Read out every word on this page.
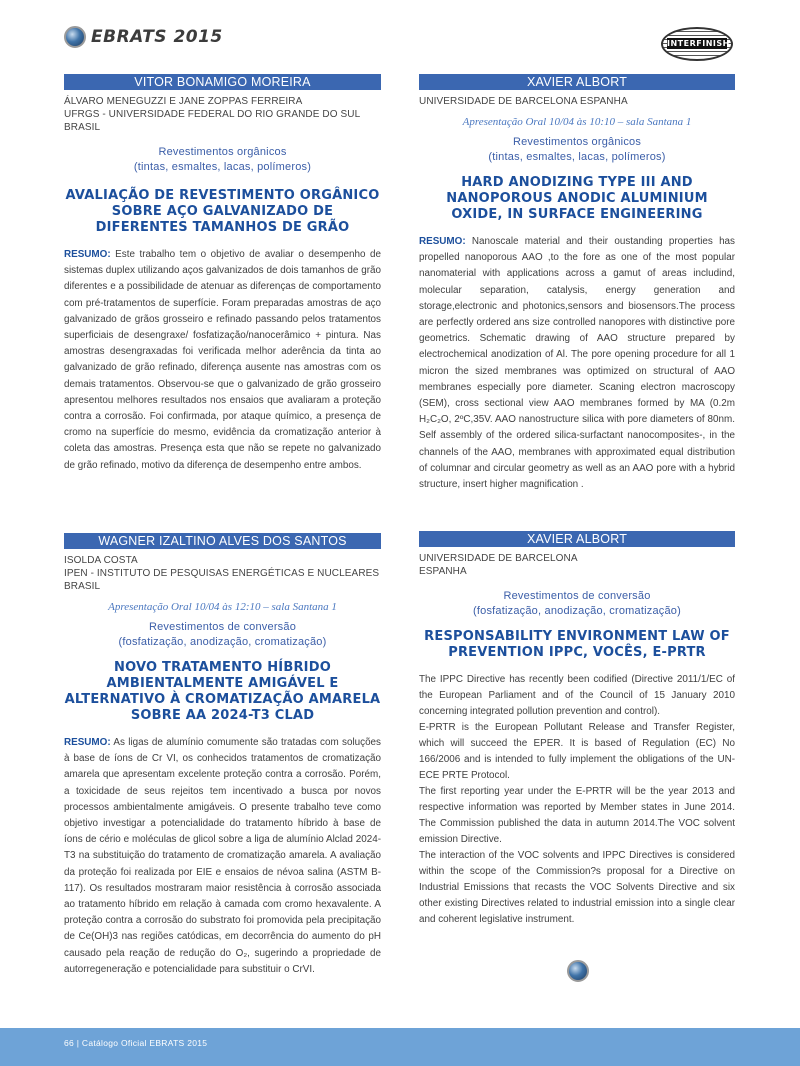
EBRATS 2015	INTERFINISH
VITOR BONAMIGO MOREIRA
ÁLVARO MENEGUZZI E JANE ZOPPAS FERREIRA
UFRGS - UNIVERSIDADE FEDERAL DO RIO GRANDE DO SUL
BRASIL
Revestimentos orgânicos
(tintas, esmaltes, lacas, polímeros)
AVALIAÇÃO DE REVESTIMENTO ORGÂNICO SOBRE AÇO GALVANIZADO DE DIFERENTES TAMANHOS DE GRÃO
RESUMO: Este trabalho tem o objetivo de avaliar o desempenho de sistemas duplex utilizando aços galvanizados de dois tamanhos de grão diferentes e a possibilidade de atenuar as diferenças de comportamento com pré-tratamentos de superfície. Foram preparadas amostras de aço galvanizado de grãos grosseiro e refinado passando pelos tratamentos superficiais de desengraxe/ fosfatização/nanocerâmico + pintura. Nas amostras desengraxadas foi verificada melhor aderência da tinta ao galvanizado de grão refinado, diferença ausente nas amostras com os demais tratamentos. Observou-se que o galvanizado de grão grosseiro apresentou melhores resultados nos ensaios que avaliaram a proteção contra a corrosão. Foi confirmada, por ataque químico, a presença de cromo na superfície do mesmo, evidência da cromatização anterior à coleta das amostras. Presença esta que não se repete no galvanizado de grão refinado, motivo da diferença de desempenho entre ambos.
WAGNER IZALTINO ALVES DOS SANTOS
ISOLDA COSTA
IPEN - INSTITUTO DE PESQUISAS ENERGÉTICAS E NUCLEARES
BRASIL
Apresentação Oral 10/04 às 12:10 – sala Santana 1
Revestimentos de conversão
(fosfatização, anodização, cromatização)
NOVO TRATAMENTO HÍBRIDO AMBIENTALMENTE AMIGÁVEL E ALTERNATIVO À CROMATIZAÇÃO AMARELA SOBRE AA 2024-T3 CLAD
RESUMO: As ligas de alumínio comumente são tratadas com soluções à base de íons de Cr VI, os conhecidos tratamentos de cromatização amarela que apresentam excelente proteção contra a corrosão. Porém, a toxicidade de seus rejeitos tem incentivado a busca por novos processos ambientalmente amigáveis. O presente trabalho teve como objetivo investigar a potencialidade do tratamento híbrido à base de íons de cério e moléculas de glicol sobre a liga de alumínio Alclad 2024-T3 na substituição do tratamento de cromatização amarela. A avaliação da proteção foi realizada por EIE e ensaios de névoa salina (ASTM B-117). Os resultados mostraram maior resistência à corrosão associada ao tratamento híbrido em relação à camada com cromo hexavalente. A proteção contra a corrosão do substrato foi promovida pela precipitação de Ce(OH)3 nas regiões catódicas, em decorrência do aumento do pH causado pela reação de redução do O₂, sugerindo a propriedade de autorregeneração e potencialidade para substituir o CrVI.
XAVIER ALBORT
UNIVERSIDADE DE BARCELONA ESPANHA
Apresentação Oral 10/04 às 10:10 – sala Santana 1
Revestimentos orgânicos
(tintas, esmaltes, lacas, polímeros)
HARD ANODIZING TYPE III AND NANOPOROUS ANODIC ALUMINIUM OXIDE, IN SURFACE ENGINEERING
RESUMO: Nanoscale material and their oustanding properties has propelled nanoporous AAO ,to the fore as one of the most popular nanomaterial with applications across a gamut of areas includind, molecular separation, catalysis, energy generation and storage,electronic and photonics,sensors and biosensors.The process are perfectly ordered ans size controlled nanopores with distinctive pore geometrics. Schematic drawing of AAO structure prepared by electrochemical anodization of Al. The pore opening procedure for all 1 micron the sized membranes was optimized on structural of AAO membranes especially pore diameter. Scaning electron macroscopy (SEM), cross sectional view AAO membranes formed by MA (0.2m H₂C₂O, 2ºC,35V. AAO nanostructure silica with pore diameters of 80nm. Self assembly of the ordered silica-surfactant nanocomposites-, in the channels of the AAO, membranes with approximated equal distribution of columnar and circular geometry as well as an AAO pore with a hybrid structure, insert higher magnification .
XAVIER ALBORT
UNIVERSIDADE DE BARCELONA
ESPANHA
Revestimentos de conversão
(fosfatização, anodização, cromatização)
RESPONSABILITY ENVIRONMENT LAW OF PREVENTION IPPC, VOCÊS, E-PRTR

The IPPC Directive has recently been codified (Directive 2011/1/EC of the European Parliament and of the Council of 15 January 2010 concerning integrated pollution prevention and control).

E-PRTR is the European Pollutant Release and Transfer Register, which will succeed the EPER. It is based of Regulation (EC) No 166/2006 and is intended to fully implement the obligations of the UN-ECE PRTE Protocol.

The first reporting year under the E-PRTR will be the year 2013 and respective information was reported by Member states in June 2014. The Commission published the data in autumn 2014.The VOC solvent emission Directive.

The interaction of the VOC solvents and IPPC Directives is considered within the scope of the Commission?s proposal for a Directive on Industrial Emissions that recasts the VOC Solvents Directive and six other existing Directives related to industrial emission into a single clear and coherent legislative instrument.

66 | Catálogo Oficial EBRATS 2015
